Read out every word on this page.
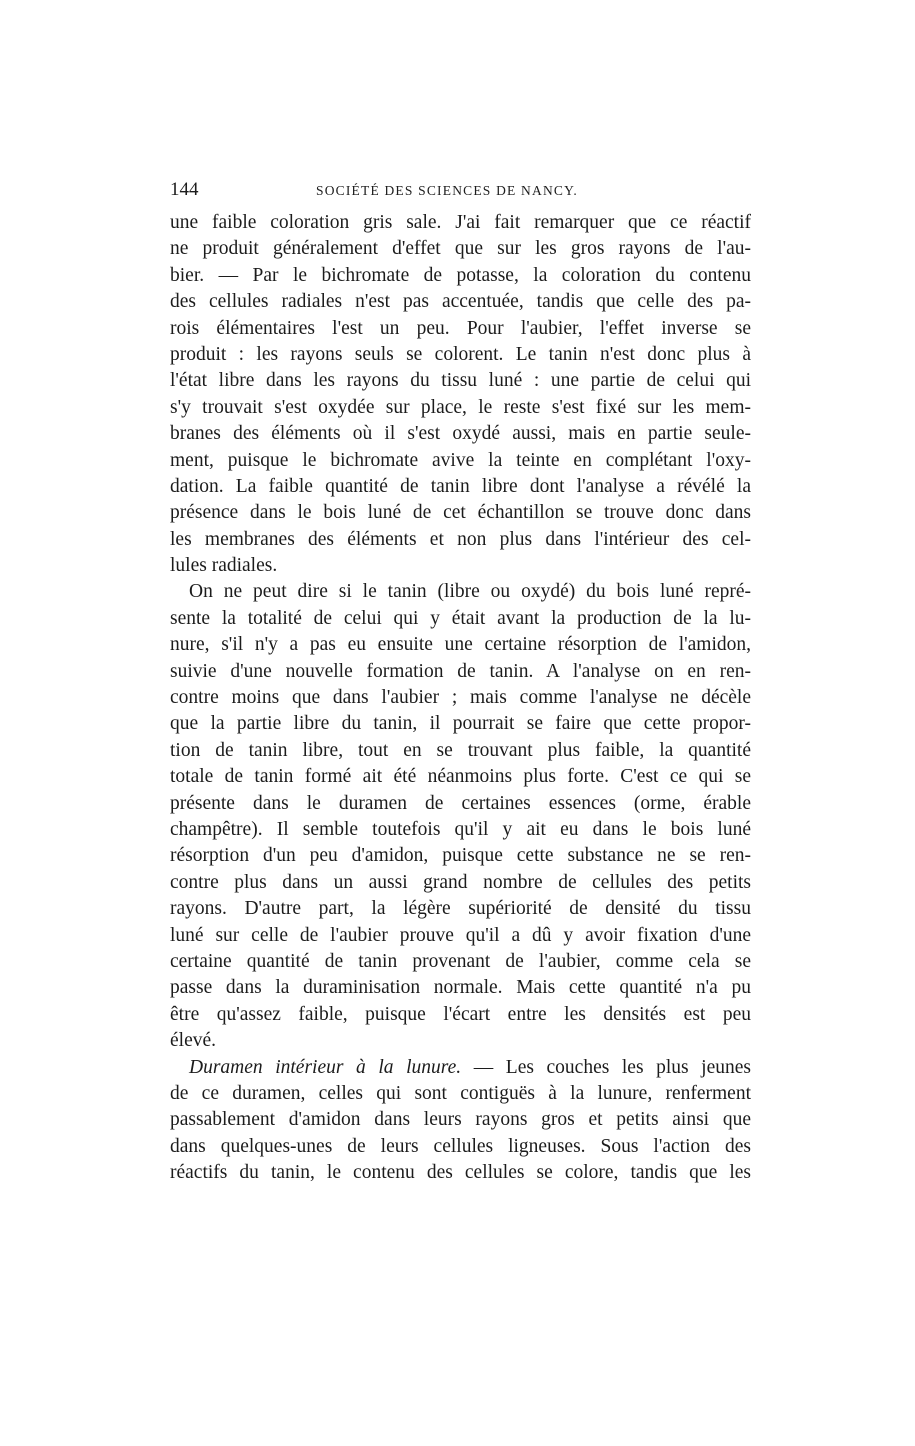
144	SOCIÉTÉ DES SCIENCES DE NANCY.
une faible coloration gris sale. J'ai fait remarquer que ce réactif
ne produit généralement d'effet que sur les gros rayons de l'au-
bier. — Par le bichromate de potasse, la coloration du contenu
des cellules radiales n'est pas accentuée, tandis que celle des pa-
rois élémentaires l'est un peu. Pour l'aubier, l'effet inverse se
produit : les rayons seuls se colorent. Le tanin n'est donc plus à
l'état libre dans les rayons du tissu luné : une partie de celui qui
s'y trouvait s'est oxydée sur place, le reste s'est fixé sur les mem-
branes des éléments où il s'est oxydé aussi, mais en partie seule-
ment, puisque le bichromate avive la teinte en complétant l'oxy-
dation. La faible quantité de tanin libre dont l'analyse a révélé la
présence dans le bois luné de cet échantillon se trouve donc dans
les membranes des éléments et non plus dans l'intérieur des cel-
lules radiales.
On ne peut dire si le tanin (libre ou oxydé) du bois luné repré-
sente la totalité de celui qui y était avant la production de la lu-
nure, s'il n'y a pas eu ensuite une certaine résorption de l'amidon,
suivie d'une nouvelle formation de tanin. A l'analyse on en ren-
contre moins que dans l'aubier ; mais comme l'analyse ne décèle
que la partie libre du tanin, il pourrait se faire que cette propor-
tion de tanin libre, tout en se trouvant plus faible, la quantité
totale de tanin formé ait été néanmoins plus forte. C'est ce qui se
présente dans le duramen de certaines essences (orme, érable
champêtre). Il semble toutefois qu'il y ait eu dans le bois luné
résorption d'un peu d'amidon, puisque cette substance ne se ren-
contre plus dans un aussi grand nombre de cellules des petits
rayons. D'autre part, la légère supériorité de densité du tissu
luné sur celle de l'aubier prouve qu'il a dû y avoir fixation d'une
certaine quantité de tanin provenant de l'aubier, comme cela se
passe dans la duraminisation normale. Mais cette quantité n'a pu
être qu'assez faible, puisque l'écart entre les densités est peu
élevé.
Duramen intérieur à la lunure. — Les couches les plus jeunes
de ce duramen, celles qui sont contiguës à la lunure, renferment
passablement d'amidon dans leurs rayons gros et petits ainsi que
dans quelques-unes de leurs cellules ligneuses. Sous l'action des
réactifs du tanin, le contenu des cellules se colore, tandis que les
